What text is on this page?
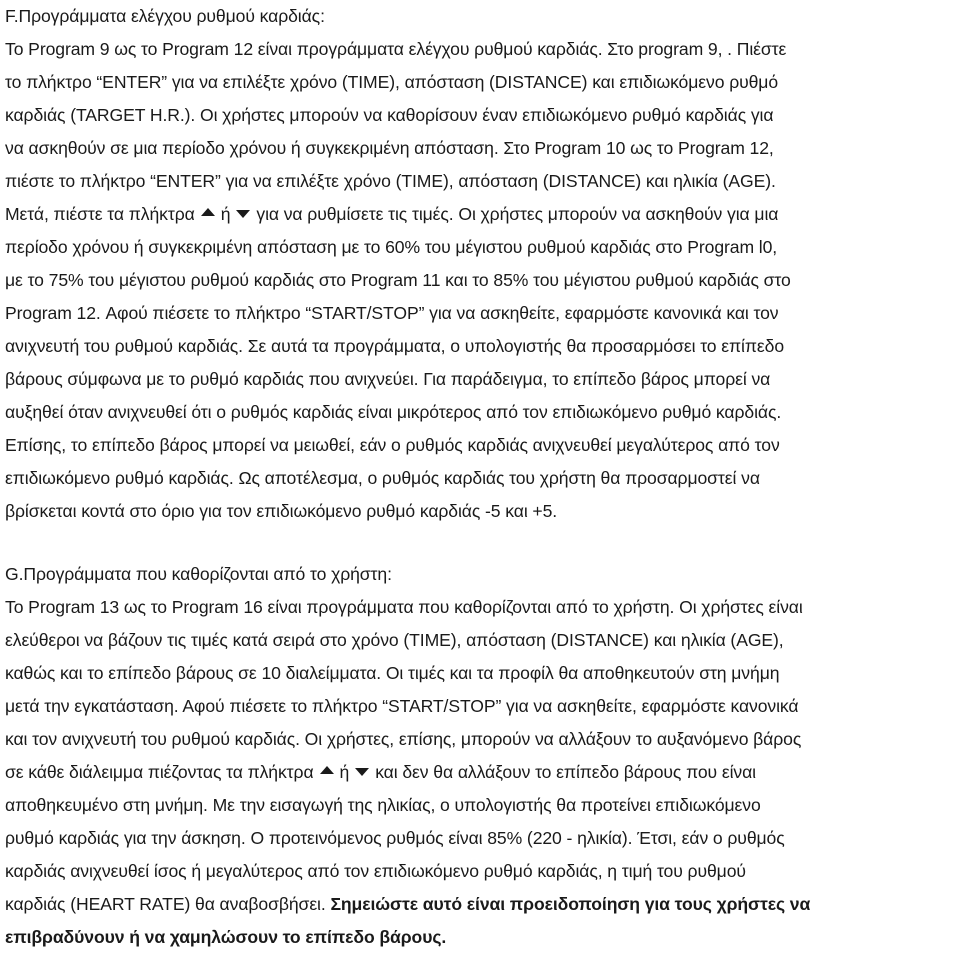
F.Προγράμματα ελέγχου ρυθμού καρδιάς:
Το Program 9 ως το Program 12 είναι προγράμματα ελέγχου ρυθμού καρδιάς. Στο program 9, . Πιέστε
το πλήκτρο “ENTER” για να επιλέξτε χρόνο (TIME), απόσταση (DISTANCE) και επιδιωκόμενο ρυθμό
καρδιάς (TARGET H.R.). Οι χρήστες μπορούν να καθορίσουν έναν επιδιωκόμενο ρυθμό καρδιάς για
να ασκηθούν σε μια περίοδο χρόνου ή συγκεκριμένη απόσταση. Στο Program 10 ως το Program 12,
πιέστε το πλήκτρο “ENTER” για να επιλέξτε χρόνο (TIME), απόσταση (DISTANCE) και ηλικία (AGE).
Μετά, πιέστε τα πλήκτρα ή για να ρυθμίσετε τις τιμές. Οι χρήστες μπορούν να ασκηθούν για μια
περίοδο χρόνου ή συγκεκριμένη απόσταση με το 60% του μέγιστου ρυθμού καρδιάς στο Program l0,
με το 75% του μέγιστου ρυθμού καρδιάς στο Program 11 και το 85% του μέγιστου ρυθμού καρδιάς στο
Program 12. Αφού πιέσετε το πλήκτρο “START/STOP” για να ασκηθείτε, εφαρμόστε κανονικά και τον
ανιχνευτή του ρυθμού καρδιάς. Σε αυτά τα προγράμματα, ο υπολογιστής θα προσαρμόσει το επίπεδο
βάρους σύμφωνα με το ρυθμό καρδιάς που ανιχνεύει. Για παράδειγμα, το επίπεδο βάρος μπορεί να
αυξηθεί όταν ανιχνευθεί ότι ο ρυθμός καρδιάς είναι μικρότερος από τον επιδιωκόμενο ρυθμό καρδιάς.
Επίσης, το επίπεδο βάρος μπορεί να μειωθεί, εάν ο ρυθμός καρδιάς ανιχνευθεί μεγαλύτερος από τον
επιδιωκόμενο ρυθμό καρδιάς. Ως αποτέλεσμα, ο ρυθμός καρδιάς του χρήστη θα προσαρμοστεί να
βρίσκεται κοντά στο όριο για τον επιδιωκόμενο ρυθμό καρδιάς -5 και +5.
G.Προγράμματα που καθορίζονται από το χρήστη:
Το Program 13 ως το Program 16 είναι προγράμματα που καθορίζονται από το χρήστη. Οι χρήστες είναι
ελεύθεροι να βάζουν τις τιμές κατά σειρά στο χρόνο (TIME), απόσταση (DISTANCE) και ηλικία (AGE),
καθώς και το επίπεδο βάρους σε 10 διαλείμματα. Οι τιμές και τα προφίλ θα αποθηκευτούν στη μνήμη
μετά την εγκατάσταση. Αφού πιέσετε το πλήκτρο “START/STOP” για να ασκηθείτε, εφαρμόστε κανονικά
και τον ανιχνευτή του ρυθμού καρδιάς. Οι χρήστες, επίσης, μπορούν να αλλάξουν το αυξανόμενο βάρος
σε κάθε διάλειμμα πιέζοντας τα πλήκτρα ή και δεν θα αλλάξουν το επίπεδο βάρους που είναι
αποθηκευμένο στη μνήμη. Με την εισαγωγή της ηλικίας, ο υπολογιστής θα προτείνει επιδιωκόμενο
ρυθμό καρδιάς για την άσκηση. Ο προτεινόμενος ρυθμός είναι 85% (220 - ηλικία). Έτσι, εάν ο ρυθμός
καρδιάς ανιχνευθεί ίσος ή μεγαλύτερος από τον επιδιωκόμενο ρυθμό καρδιάς, η τιμή του ρυθμού
καρδιάς (HEART RATE) θα αναβοσβήσει. Σημειώστε αυτό είναι προειδοποίηση για τους χρήστες να
επιβραδύνουν ή να χαμηλώσουν το επίπεδο βάρους.
